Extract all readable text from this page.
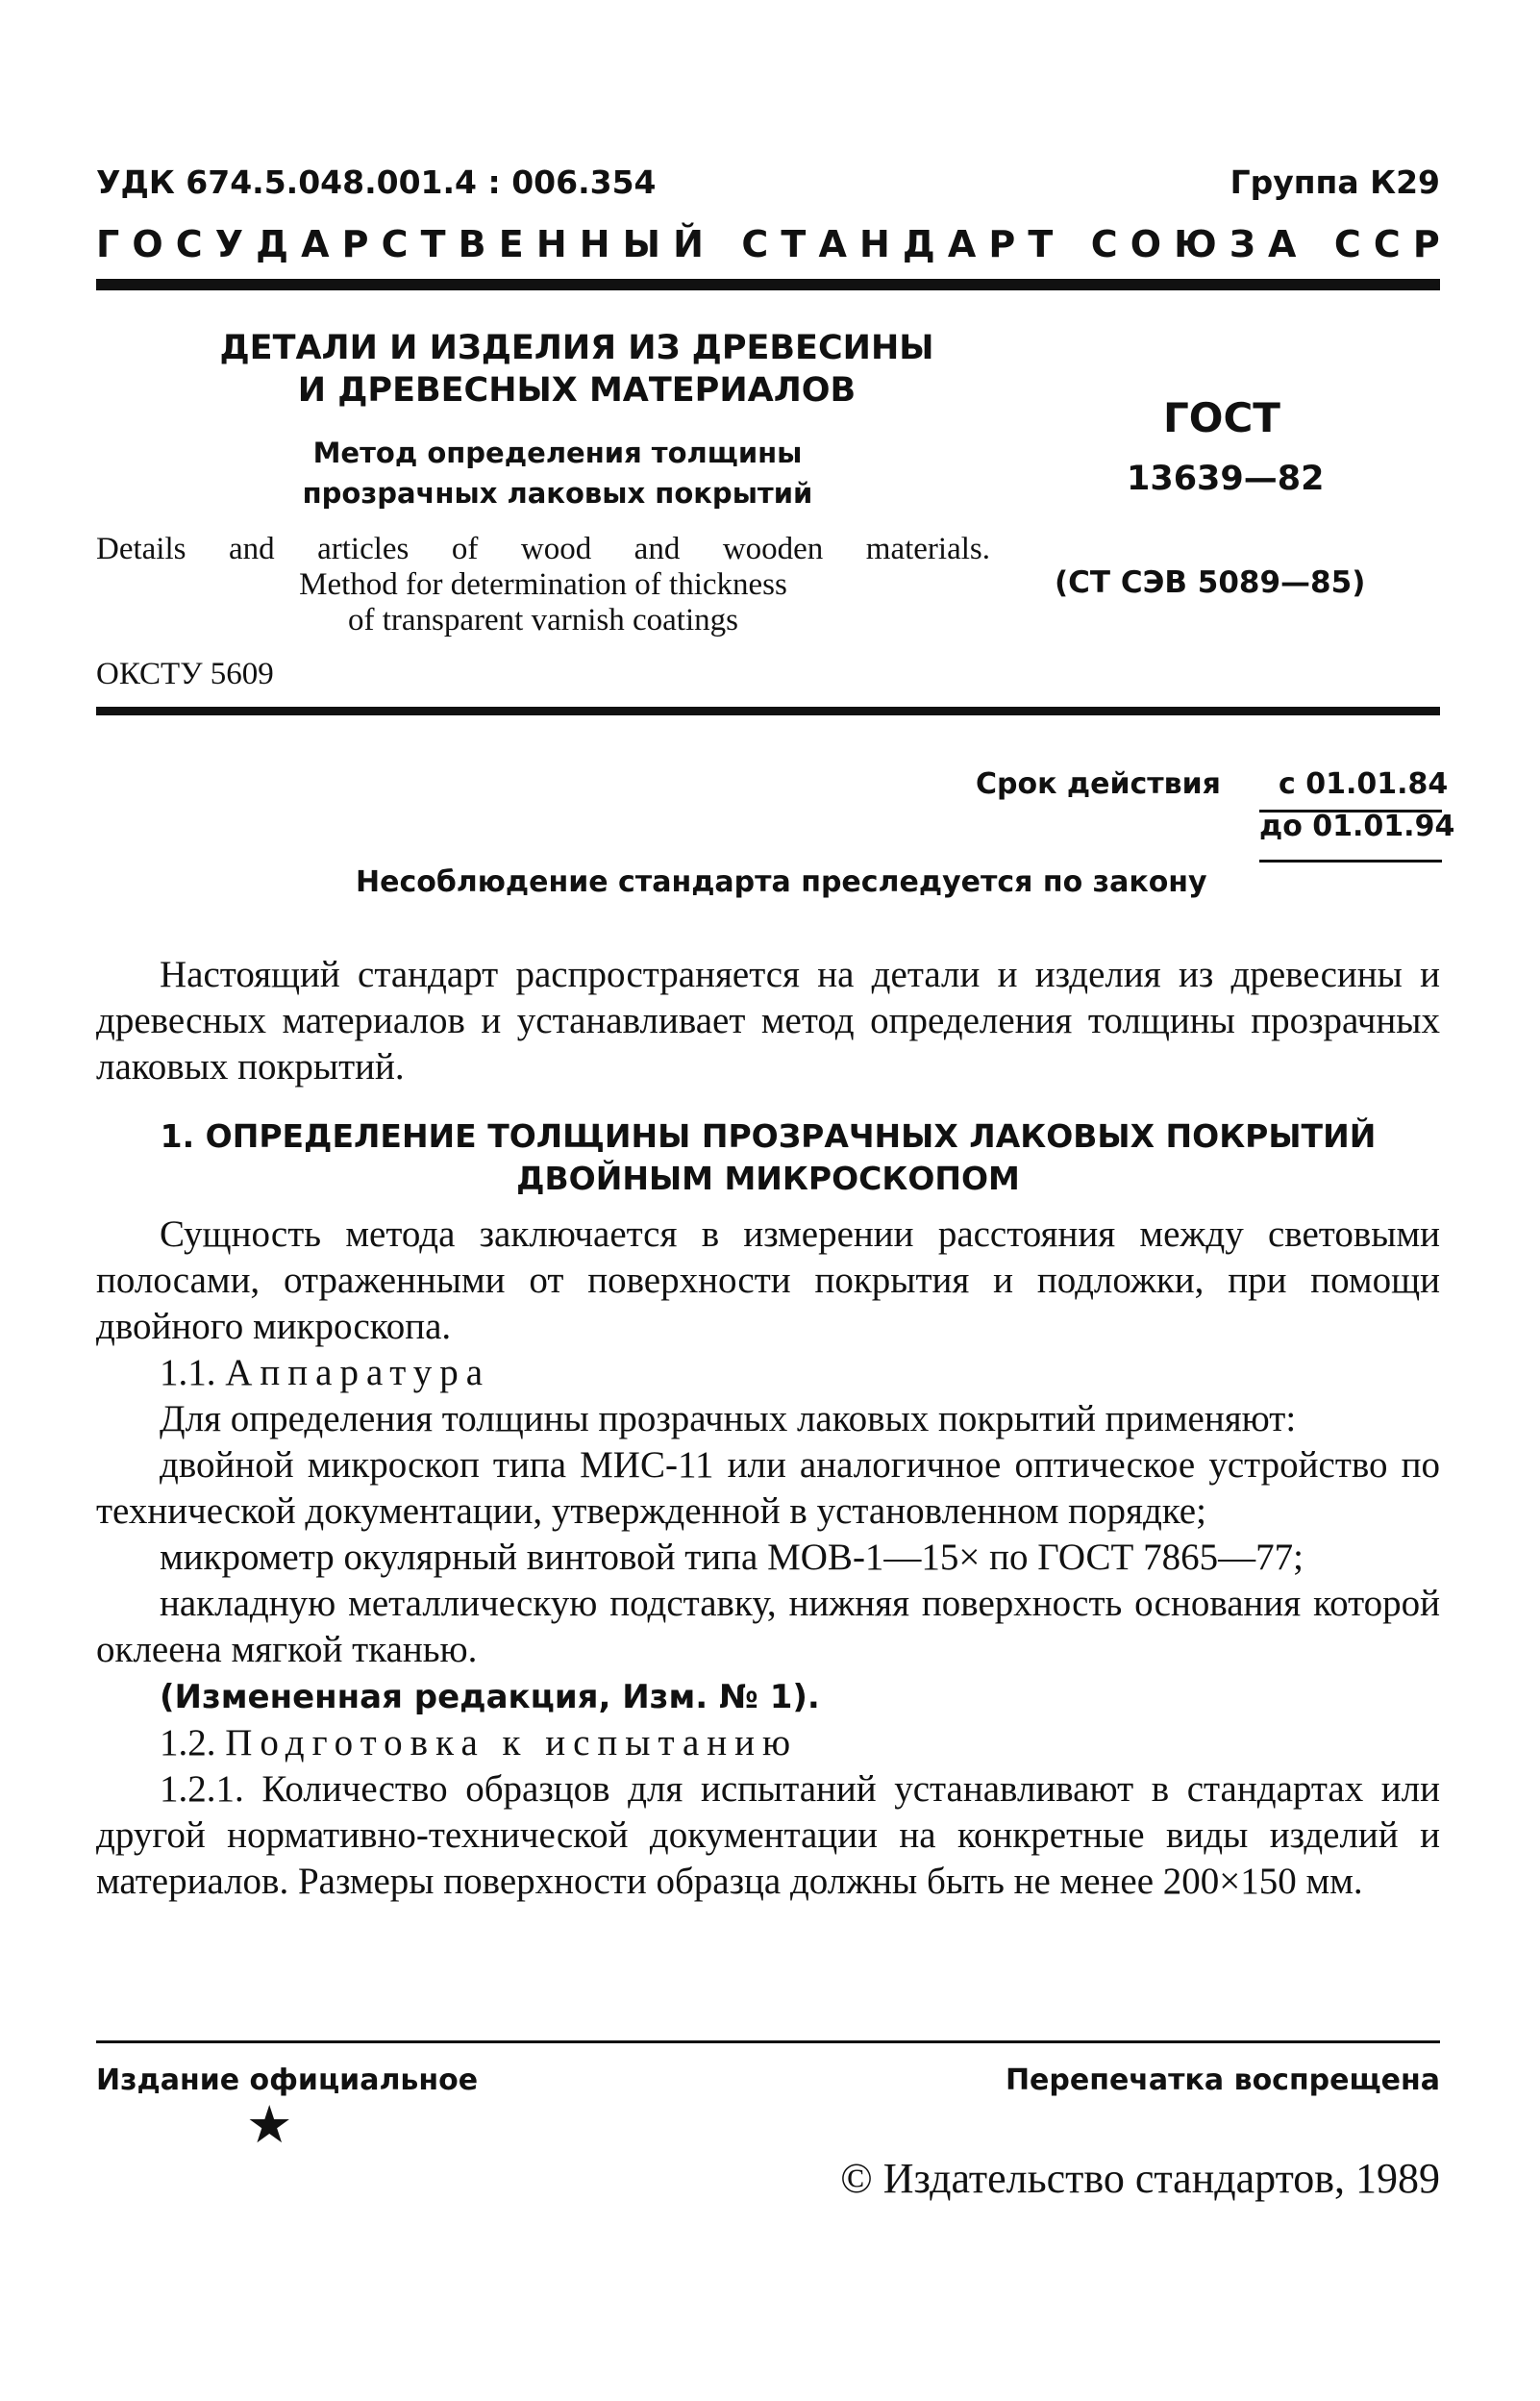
УДК 674.5.048.001.4 : 006.354	Группа К29
Г О С У Д А Р С Т В Е Н Н Ы Й
С Т А Н Д А Р Т
С О Ю З А
С С Р
ДЕТАЛИ И ИЗДЕЛИЯ ИЗ ДРЕВЕСИНЫ
И ДРЕВЕСНЫХ МАТЕРИАЛОВ
Метод определения толщины
прозрачных лаковых покрытий
Details and articles of wood and wooden materials.
Method for determination of thickness
of transparent varnish coatings
ОКСТУ 5609
ГОСТ
13639—82
(СТ СЭВ 5089—85)
Срок действия с 01.01.84
до 01.01.94
Несоблюдение стандарта преследуется по закону

Настоящий стандарт распространяется на детали и изделия из древесины и древесных материалов и устанавливает метод определения толщины прозрачных лаковых покрытий.

1. ОПРЕДЕЛЕНИЕ ТОЛЩИНЫ ПРОЗРАЧНЫХ ЛАКОВЫХ ПОКРЫТИЙ
ДВОЙНЫМ МИКРОСКОПОМ

Сущность метода заключается в измерении расстояния между световыми полосами, отраженными от поверхности покрытия и подложки, при помощи двойного микроскопа.

1.1. Аппаратура

Для определения толщины прозрачных лаковых покрытий применяют:

двойной микроскоп типа МИС-11 или аналогичное оптическое устройство по технической документации, утвержденной в установленном порядке;

микрометр окулярный винтовой типа МОВ-1—15× по ГОСТ 7865—77;

накладную металлическую подставку, нижняя поверхность основания которой оклеена мягкой тканью.

(Измененная редакция, Изм. № 1).

1.2. Подготовка к испытанию

1.2.1. Количество образцов для испытаний устанавливают в стандартах или другой нормативно-технической документации на конкретные виды изделий и материалов. Размеры поверхности образца должны быть не менее 200×150 мм.

Издание официальное	Перепечатка воспрещена
★
© Издательство стандартов, 1989
